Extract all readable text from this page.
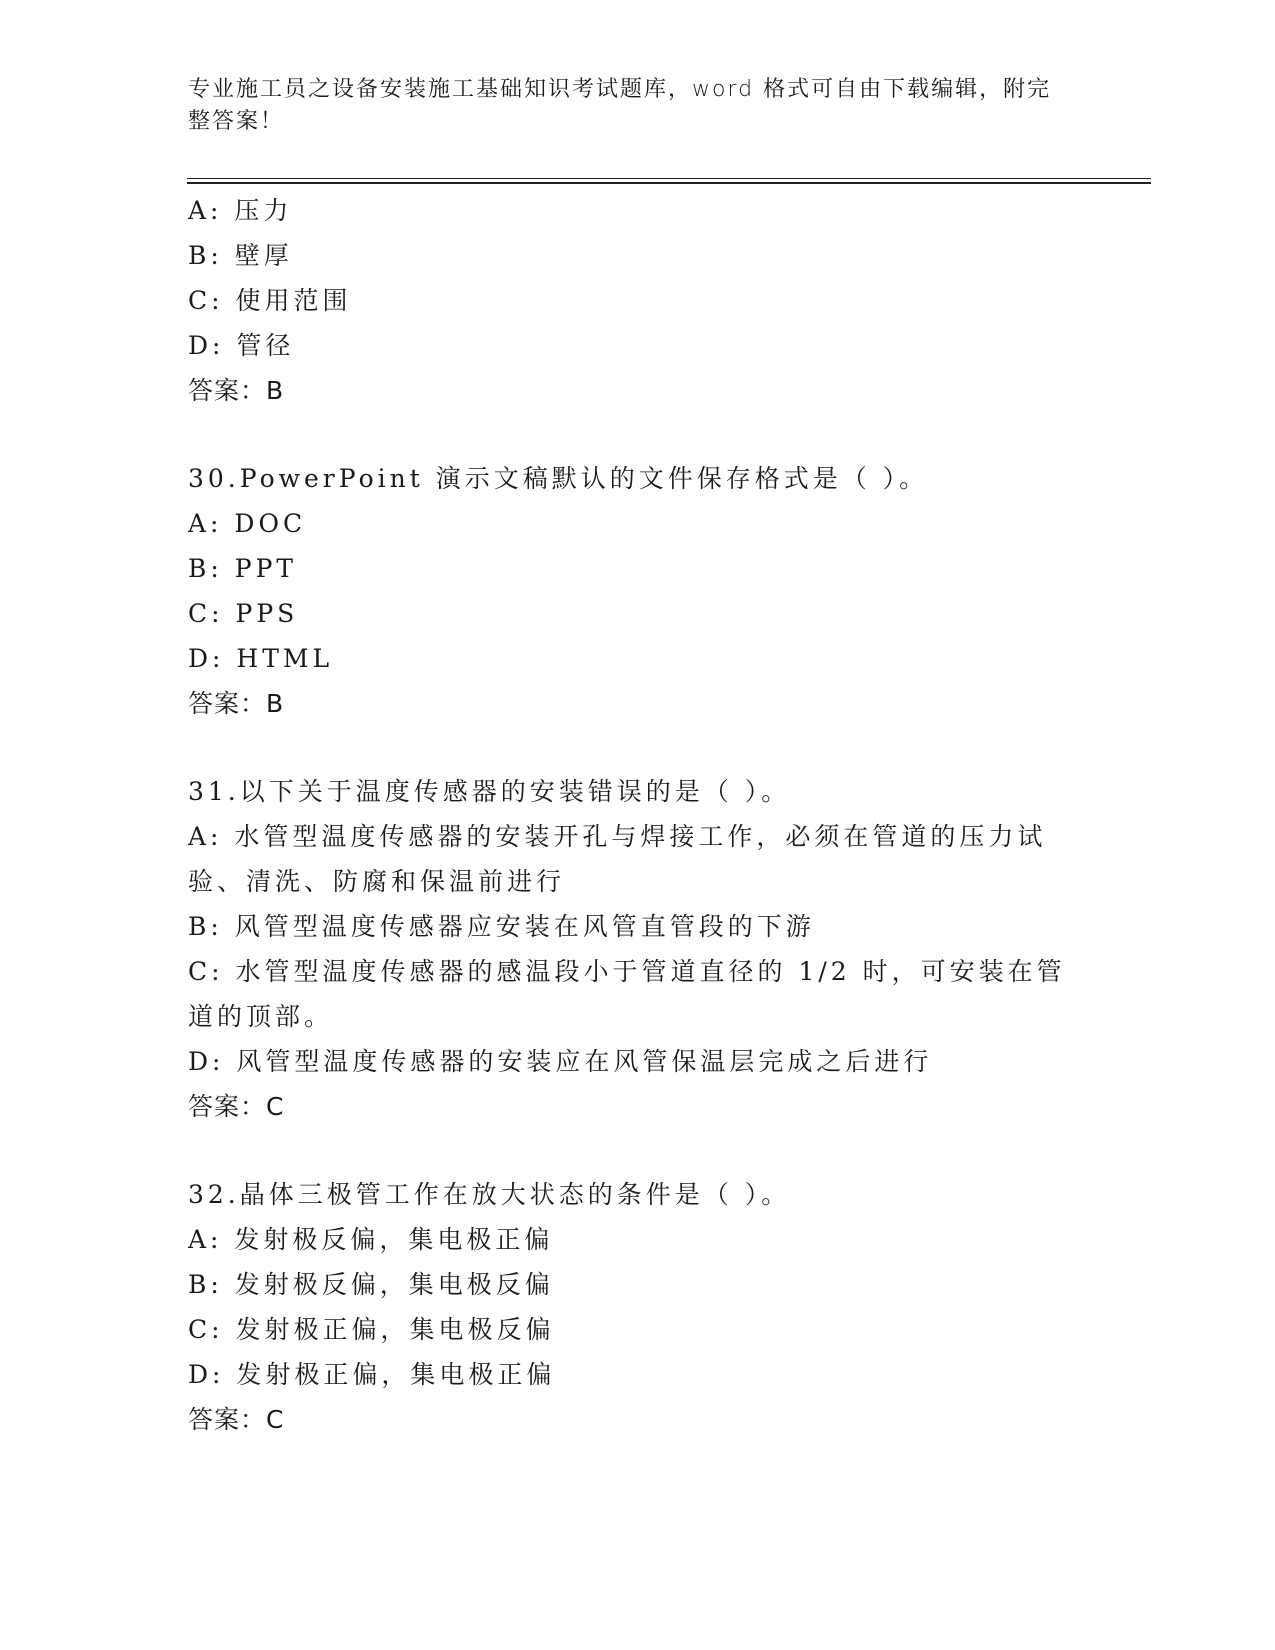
专业施工员之设备安装施工基础知识考试题库，word 格式可自由下载编辑，附完整答案！
A: 压力
B: 壁厚
C: 使用范围
D: 管径
答案：B
30.PowerPoint 演示文稿默认的文件保存格式是（ ）。
A: DOC
B: PPT
C: PPS
D: HTML
答案：B
31.以下关于温度传感器的安装错误的是（ ）。
A: 水管型温度传感器的安装开孔与焊接工作，必须在管道的压力试验、清洗、防腐和保温前进行
B: 风管型温度传感器应安装在风管直管段的下游
C: 水管型温度传感器的感温段小于管道直径的 1/2 时，可安装在管道的顶部。
D: 风管型温度传感器的安装应在风管保温层完成之后进行
答案：C
32.晶体三极管工作在放大状态的条件是（ ）。
A: 发射极反偏，集电极正偏
B: 发射极反偏，集电极反偏
C: 发射极正偏，集电极反偏
D: 发射极正偏，集电极正偏
答案：C
